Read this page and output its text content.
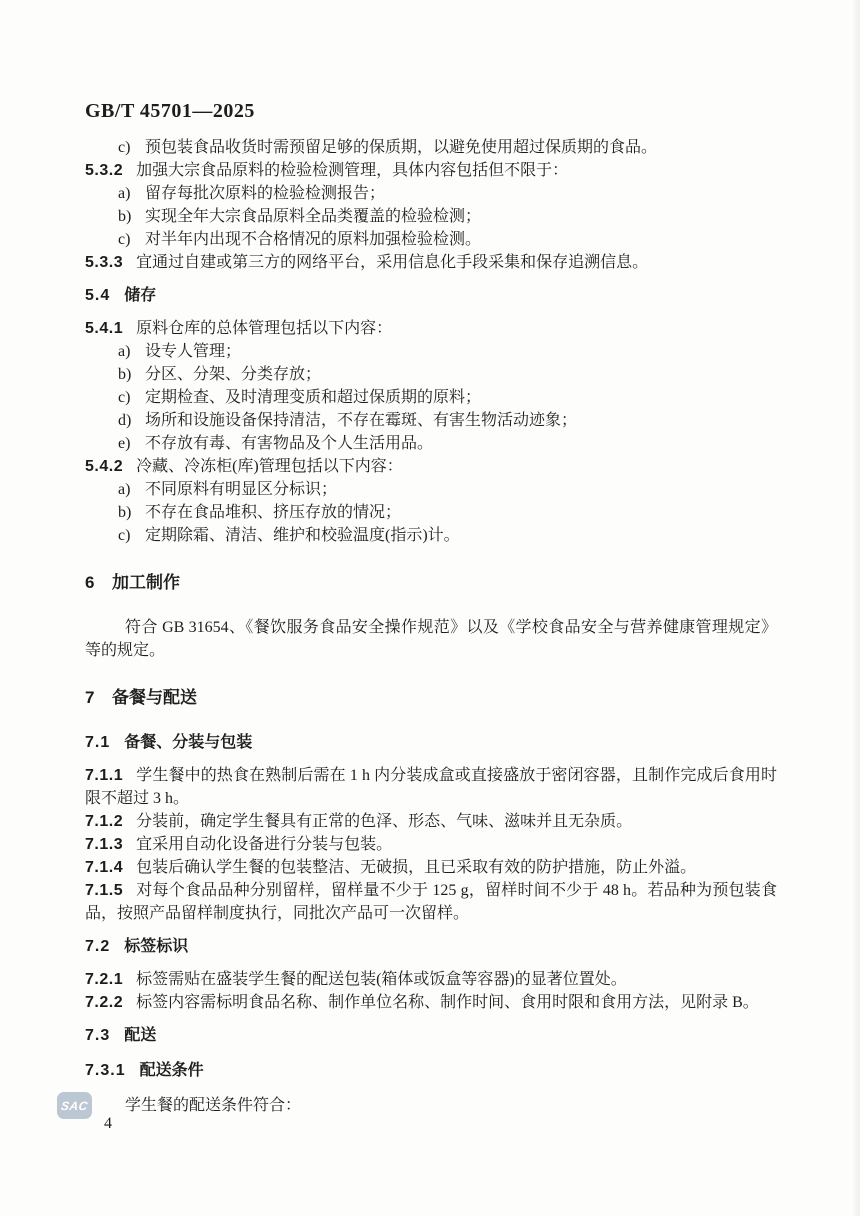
GB/T 45701—2025
c) 预包装食品收货时需预留足够的保质期，以避免使用超过保质期的食品。
5.3.2 加强大宗食品原料的检验检测管理，具体内容包括但不限于：
a) 留存每批次原料的检验检测报告；
b) 实现全年大宗食品原料全品类覆盖的检验检测；
c) 对半年内出现不合格情况的原料加强检验检测。
5.3.3 宜通过自建或第三方的网络平台，采用信息化手段采集和保存追溯信息。
5.4 储存
5.4.1 原料仓库的总体管理包括以下内容：
a) 设专人管理；
b) 分区、分架、分类存放；
c) 定期检查、及时清理变质和超过保质期的原料；
d) 场所和设施设备保持清洁，不存在霉斑、有害生物活动迹象；
e) 不存放有毒、有害物品及个人生活用品。
5.4.2 冷藏、冷冻柜(库)管理包括以下内容：
a) 不同原料有明显区分标识；
b) 不存在食品堆积、挤压存放的情况；
c) 定期除霜、清洁、维护和校验温度(指示)计。
6 加工制作
符合 GB 31654、《餐饮服务食品安全操作规范》以及《学校食品安全与营养健康管理规定》等的规定。
7 备餐与配送
7.1 备餐、分装与包装
7.1.1 学生餐中的热食在熟制后需在 1 h 内分装成盒或直接盛放于密闭容器，且制作完成后食用时限不超过 3 h。
7.1.2 分装前，确定学生餐具有正常的色泽、形态、气味、滋味并且无杂质。
7.1.3 宜采用自动化设备进行分装与包装。
7.1.4 包装后确认学生餐的包装整洁、无破损，且已采取有效的防护措施，防止外溢。
7.1.5 对每个食品品种分别留样，留样量不少于 125 g，留样时间不少于 48 h。若品种为预包装食品，按照产品留样制度执行，同批次产品可一次留样。
7.2 标签标识
7.2.1 标签需贴在盛装学生餐的配送包装(箱体或饭盒等容器)的显著位置处。
7.2.2 标签内容需标明食品名称、制作单位名称、制作时间、食用时限和食用方法，见附录 B。
7.3 配送
7.3.1 配送条件
学生餐的配送条件符合：
SAC
4
